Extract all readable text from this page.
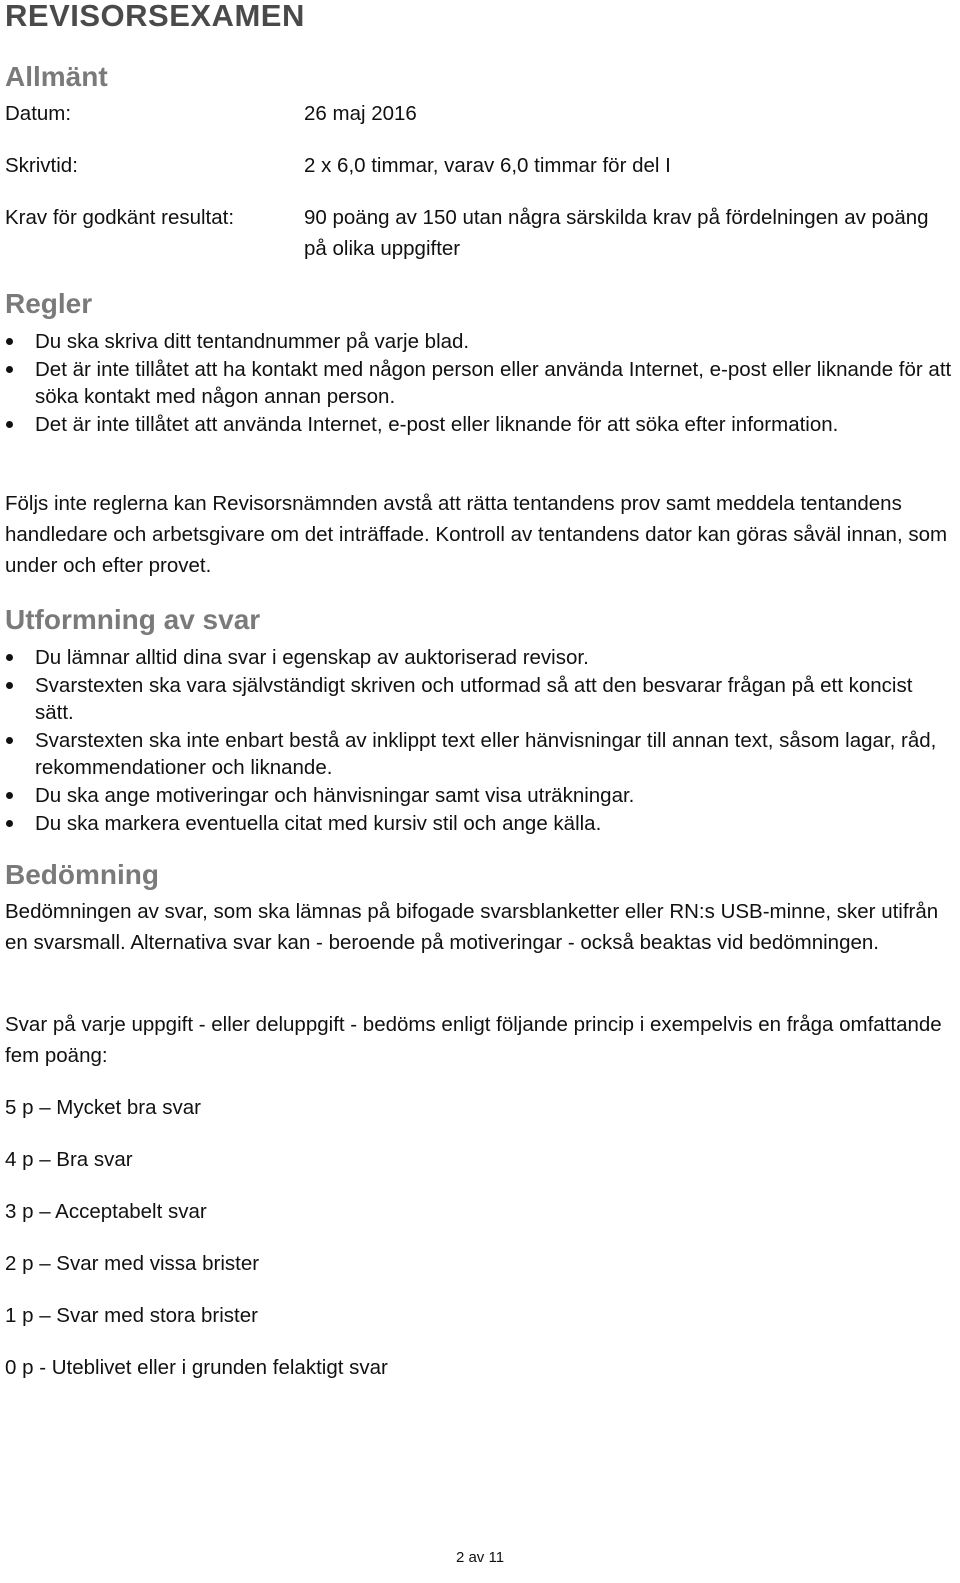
REVISORSEXAMEN
Allmänt
Datum:	26 maj 2016
Skrivtid:	2 x 6,0 timmar, varav 6,0 timmar för del I
Krav för godkänt resultat:	90 poäng av 150 utan några särskilda krav på fördelningen av poäng på olika uppgifter
Regler
Du ska skriva ditt tentandnummer på varje blad.
Det är inte tillåtet att ha kontakt med någon person eller använda Internet, e-post eller liknande för att söka kontakt med någon annan person.
Det är inte tillåtet att använda Internet, e-post eller liknande för att söka efter information.

Följs inte reglerna kan Revisorsnämnden avstå att rätta tentandens prov samt meddela tentandens handledare och arbetsgivare om det inträffade. Kontroll av tentandens dator kan göras såväl innan, som under och efter provet.

Utformning av svar
Du lämnar alltid dina svar i egenskap av auktoriserad revisor.
Svarstexten ska vara självständigt skriven och utformad så att den besvarar frågan på ett koncist sätt.
Svarstexten ska inte enbart bestå av inklippt text eller hänvisningar till annan text, såsom lagar, råd, rekommendationer och liknande.
Du ska ange motiveringar och hänvisningar samt visa uträkningar.
Du ska markera eventuella citat med kursiv stil och ange källa.
Bedömning

Bedömningen av svar, som ska lämnas på bifogade svarsblanketter eller RN:s USB-minne, sker utifrån en svarsmall. Alternativa svar kan - beroende på motiveringar - också beaktas vid bedömningen.

Svar på varje uppgift - eller deluppgift - bedöms enligt följande princip i exempelvis en fråga omfattande fem poäng:

5 p – Mycket bra svar

4 p – Bra svar

3 p – Acceptabelt svar

2 p – Svar med vissa brister

1 p – Svar med stora brister

0 p - Uteblivet eller i grunden felaktigt svar

2 av 11
